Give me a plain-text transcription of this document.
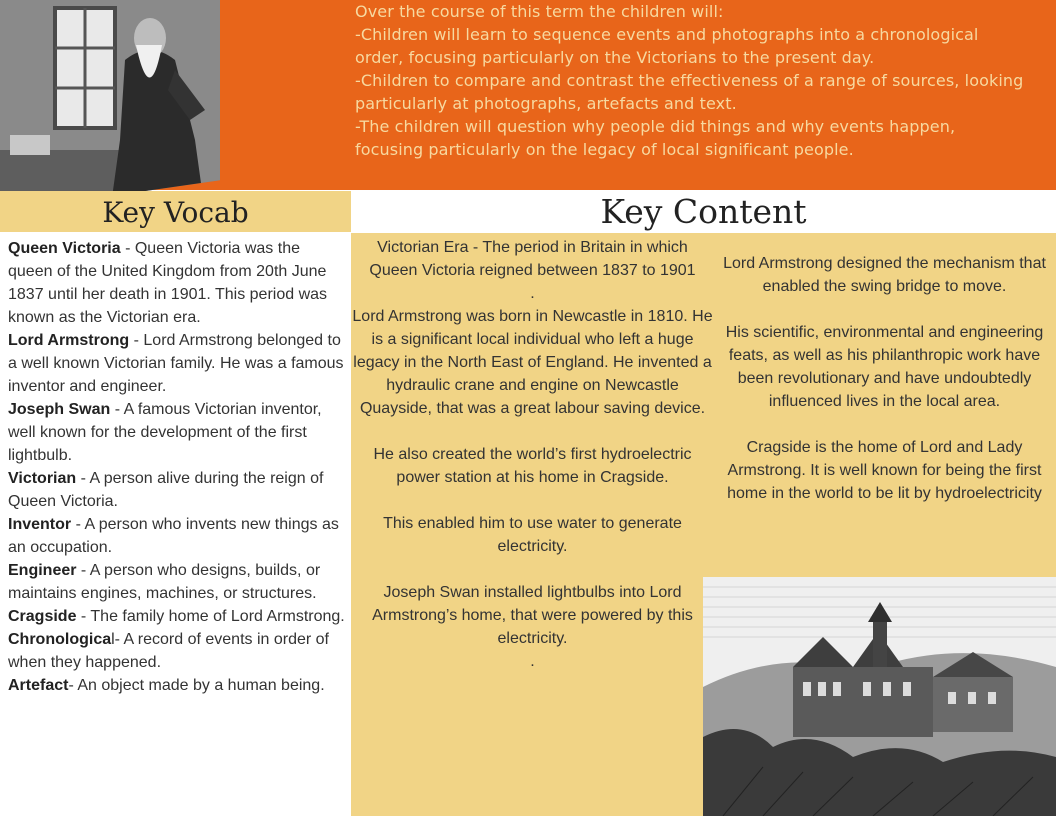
Over the course of this term the children will:
-Children will learn to sequence events and photographs into a chronological
order, focusing particularly on the Victorians to the present day.
-Children to compare and contrast the effectiveness of a range of sources, looking
particularly at photographs, artefacts and text.
-The children will question why people did things and why events happen,
focusing particularly on the legacy of local significant people.
Key Vocab
Queen Victoria - Queen Victoria was the queen of the United Kingdom from 20th June 1837 until her death in 1901. This period was known as the Victorian era.
Lord Armstrong - Lord Armstrong belonged to a well known Victorian family. He was a famous inventor and engineer.
Joseph Swan - A famous Victorian inventor, well known for the development of the first lightbulb.
Victorian - A person alive during the reign of Queen Victoria.
Inventor - A person who invents new things as an occupation.
Engineer - A person who designs, builds, or maintains engines, machines, or structures.
Cragside - The family home of Lord Armstrong.
Chronological- A record of events in order of when they happened.
Artefact- An object made by a human being.
Key Content

Victorian Era - The period in Britain in which Queen Victoria reigned between 1837 to 1901

.

Lord Armstrong was born in Newcastle in 1810. He is a significant local individual who left a huge legacy in the North East of England. He invented a hydraulic crane and engine on Newcastle Quayside, that was a great labour saving device.

He also created the world’s first hydroelectric power station at his home in Cragside.

This enabled him to use water to generate electricity.

Joseph Swan installed lightbulbs into Lord Armstrong’s home, that were powered by this electricity.

.

Lord Armstrong designed the mechanism that enabled the swing bridge to move.

His scientific, environmental and engineering feats, as well as his philanthropic work have been revolutionary and have undoubtedly influenced lives in the local area.

Cragside is the home of Lord and Lady Armstrong. It is well known for being the first home in the world to be lit by hydroelectricity
